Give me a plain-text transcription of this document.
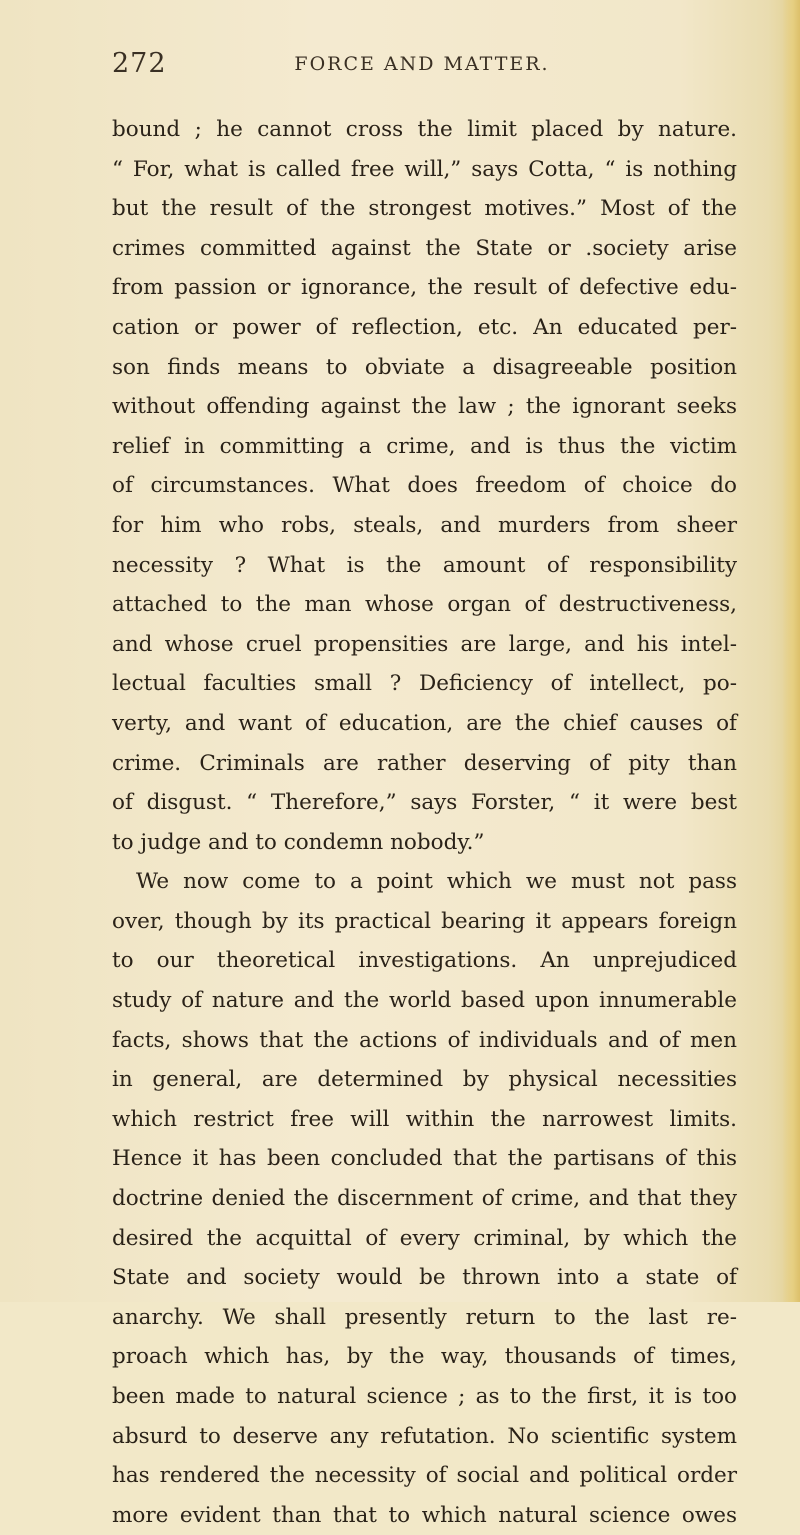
272	FORCE AND MATTER.
bound ; he cannot cross the limit placed by nature.
“ For, what is called free will,” says Cotta, “ is nothing
but the result of the strongest motives.” Most of the
crimes committed against the State or .society arise
from passion or ignorance, the result of defective edu-
cation or power of reflection, etc. An educated per-
son finds means to obviate a disagreeable position
without offending against the law ; the ignorant seeks
relief in committing a crime, and is thus the victim
of circumstances. What does freedom of choice do
for him who robs, steals, and murders from sheer
necessity ? What is the amount of responsibility
attached to the man whose organ of destructiveness,
and whose cruel propensities are large, and his intel-
lectual faculties small ? Deficiency of intellect, po-
verty, and want of education, are the chief causes of
crime. Criminals are rather deserving of pity than
of disgust. “ Therefore,” says Forster, “ it were best
to judge and to condemn nobody.”
We now come to a point which we must not pass
over, though by its practical bearing it appears foreign
to our theoretical investigations. An unprejudiced
study of nature and the world based upon innumerable
facts, shows that the actions of individuals and of men
in general, are determined by physical necessities
which restrict free will within the narrowest limits.
Hence it has been concluded that the partisans of this
doctrine denied the discernment of crime, and that they
desired the acquittal of every criminal, by which the
State and society would be thrown into a state of
anarchy. We shall presently return to the last re-
proach which has, by the way, thousands of times,
been made to natural science ; as to the first, it is too
absurd to deserve any refutation. No scientific system
has rendered the necessity of social and political order
more evident than that to which natural science owes
